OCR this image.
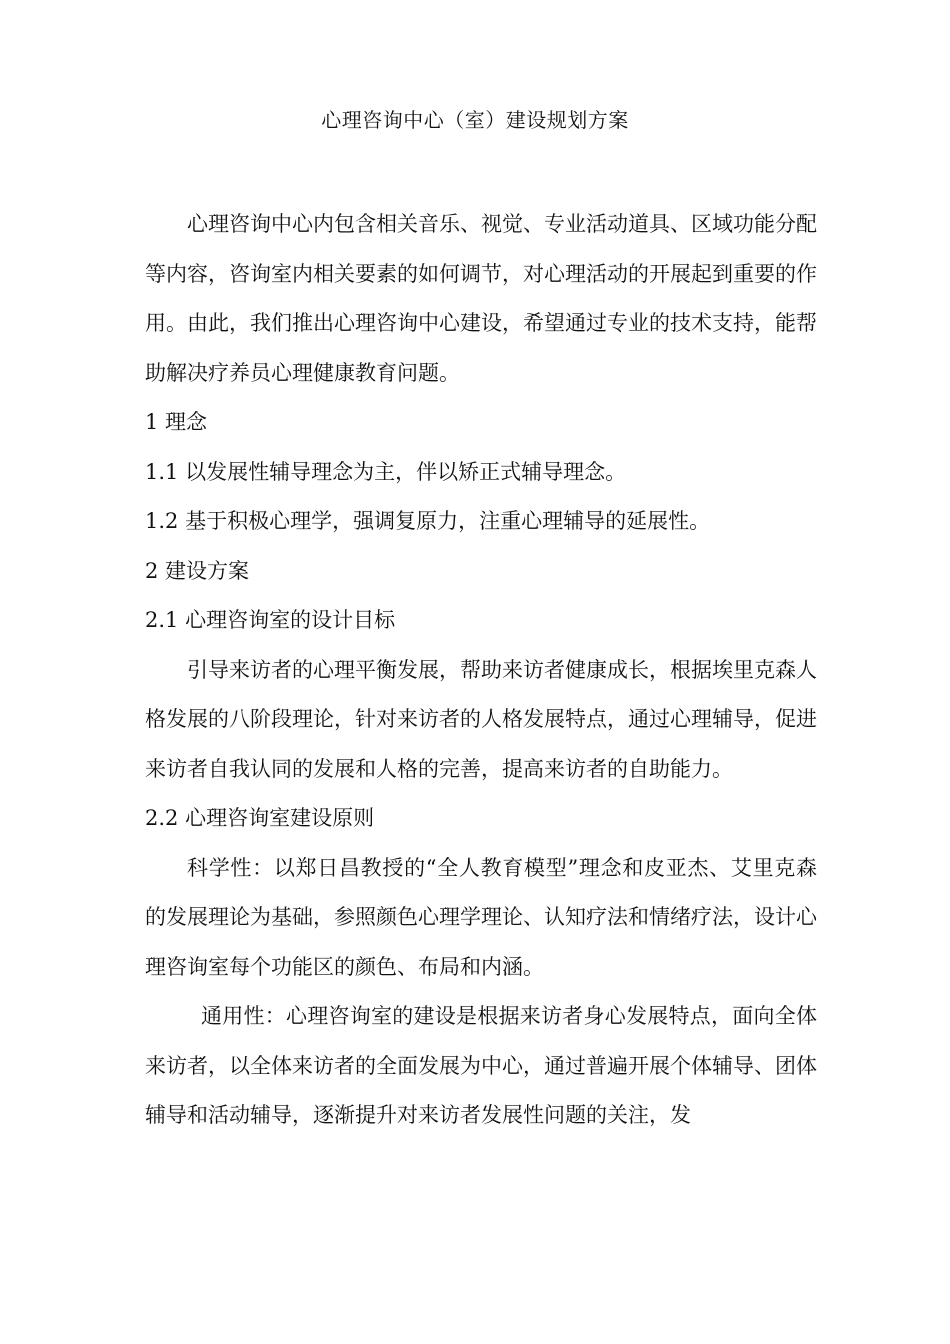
心理咨询中心（室）建设规划方案

心理咨询中心内包含相关音乐、视觉、专业活动道具、区域功能分配等内容，咨询室内相关要素的如何调节，对心理活动的开展起到重要的作用。由此，我们推出心理咨询中心建设，希望通过专业的技术支持，能帮助解决疗养员心理健康教育问题。

1 理念

1.1 以发展性辅导理念为主，伴以矫正式辅导理念。

1.2 基于积极心理学，强调复原力，注重心理辅导的延展性。

2 建设方案

2.1 心理咨询室的设计目标

引导来访者的心理平衡发展，帮助来访者健康成长，根据埃里克森人格发展的八阶段理论，针对来访者的人格发展特点，通过心理辅导，促进来访者自我认同的发展和人格的完善，提高来访者的自助能力。

2.2 心理咨询室建设原则

科学性：以郑日昌教授的“全人教育模型”理念和皮亚杰、艾里克森的发展理论为基础，参照颜色心理学理论、认知疗法和情绪疗法，设计心理咨询室每个功能区的颜色、布局和内涵。

通用性：心理咨询室的建设是根据来访者身心发展特点，面向全体来访者，以全体来访者的全面发展为中心，通过普遍开展个体辅导、团体辅导和活动辅导，逐渐提升对来访者发展性问题的关注，发
